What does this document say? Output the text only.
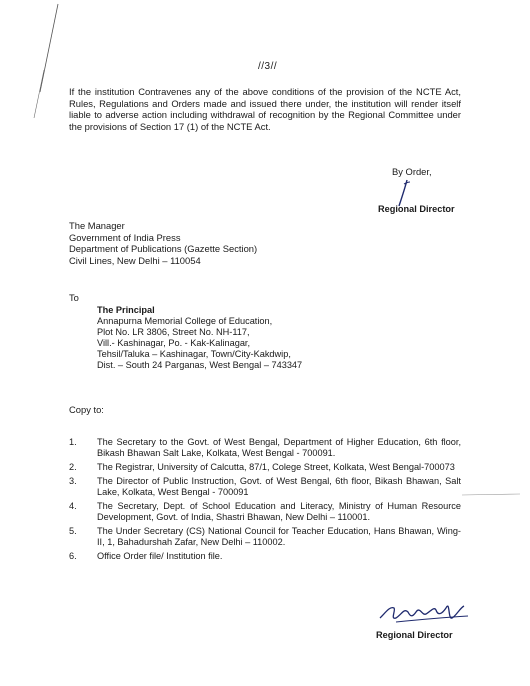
//3//

If the institution Contravenes any of the above conditions of the provision of the NCTE Act, Rules, Regulations and Orders made and issued there under, the institution will render itself liable to adverse action including withdrawal of recognition by the Regional Committee under the provisions of Section 17 (1) of the NCTE Act.

By Order,
Regional Director
The Manager
Government of India Press
Department of Publications (Gazette Section)
Civil Lines, New Delhi – 110054
To
The Principal
Annapurna Memorial College of Education,
Plot No. LR 3806, Street No. NH-117,
Vill.- Kashinagar, Po. - Kak-Kalinagar,
Tehsil/Taluka – Kashinagar, Town/City-Kakdwip,
Dist. – South 24 Parganas, West Bengal – 743347
Copy to:
1.	The Secretary to the Govt. of West Bengal, Department of Higher Education, 6th floor, Bikash Bhawan Salt Lake, Kolkata, West Bengal - 700091.
2.	The Registrar, University of Calcutta, 87/1, Colege Street, Kolkata, West Bengal-700073
3.	The Director of Public Instruction, Govt. of West Bengal, 6th floor, Bikash Bhawan, Salt Lake, Kolkata, West Bengal - 700091
4.	The Secretary, Dept. of School Education and Literacy, Ministry of Human Resource Development, Govt. of India, Shastri Bhawan, New Delhi – 110001.
5.	The Under Secretary (CS) National Council for Teacher Education, Hans Bhawan, Wing-II, 1, Bahadurshah Zafar, New Delhi – 110002.
6.	Office Order file/ Institution file.
Regional Director
